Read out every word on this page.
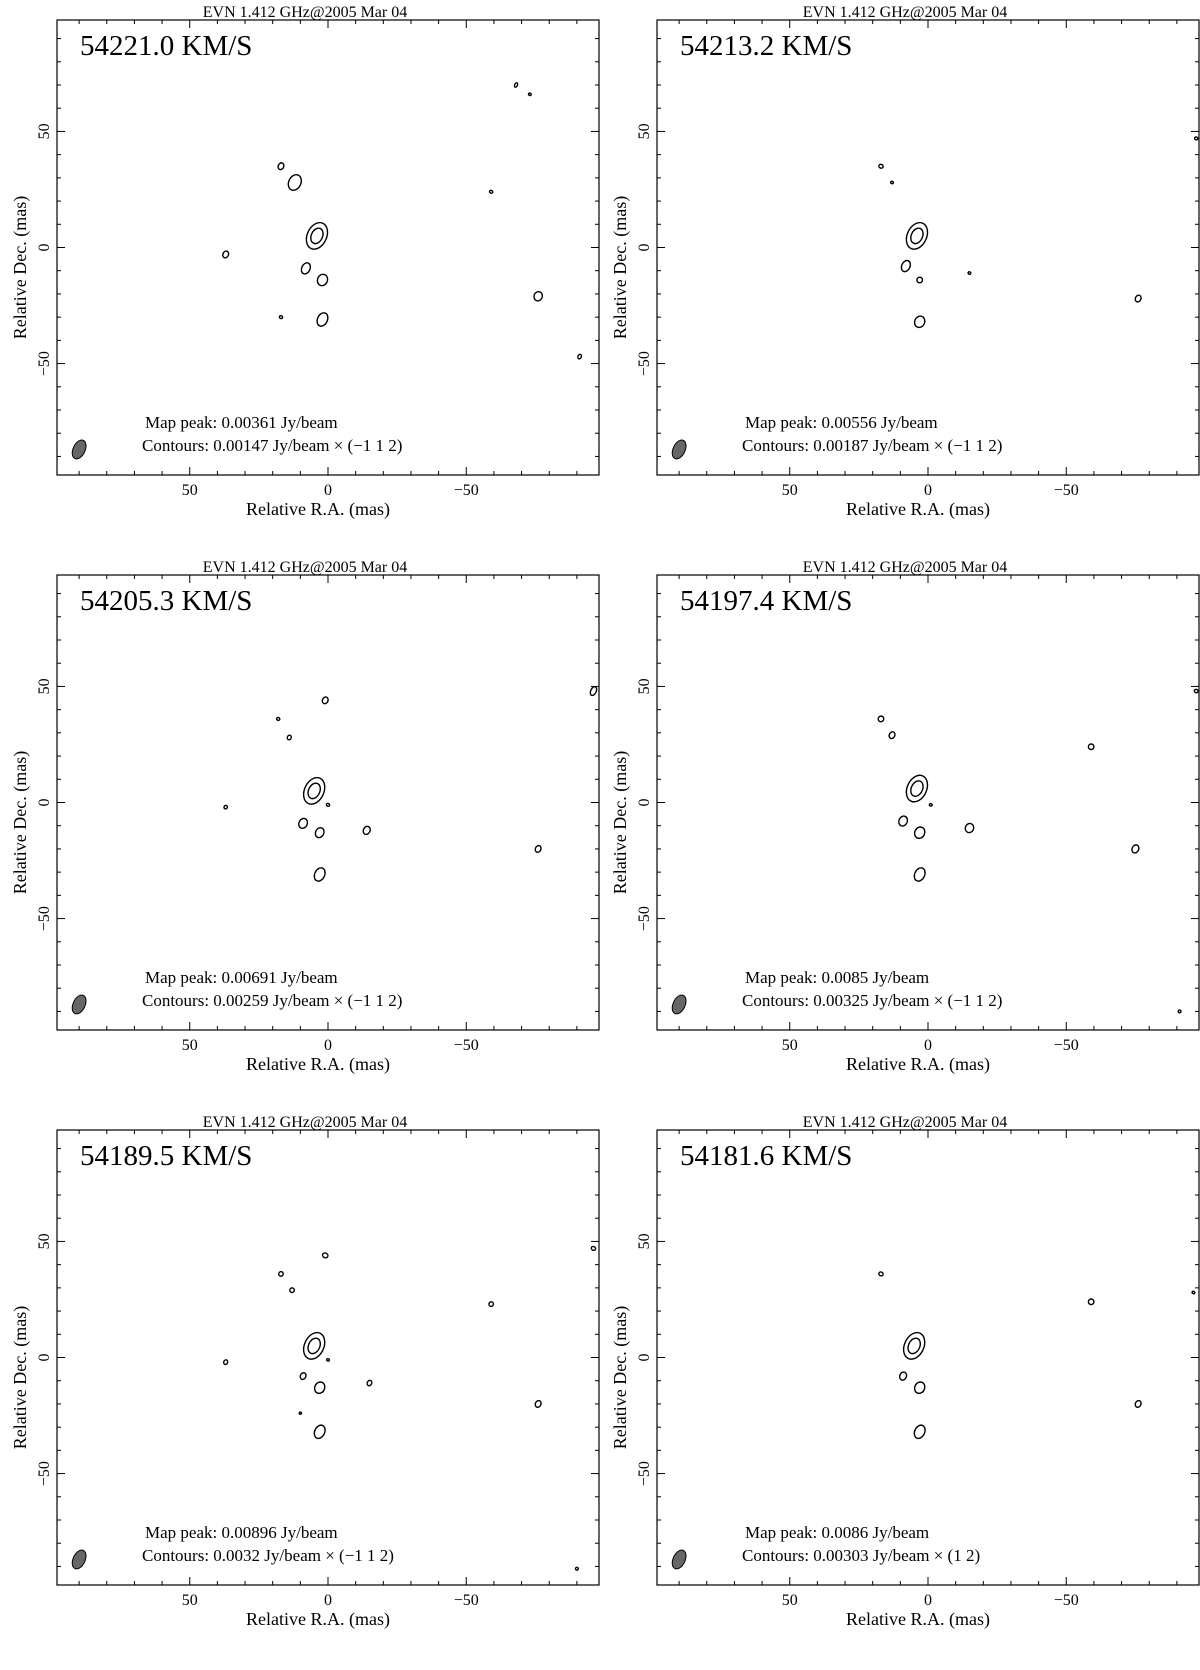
50
50
0
0
−50
−50
Relative R.A. (mas)
Relative Dec. (mas)
EVN 1.412 GHz@2005 Mar 04
54221.0 KM/S
Map peak: 0.00361 Jy/beam
Contours: 0.00147 Jy/beam × (−1 1 2)
50
50
0
0
−50
−50
Relative R.A. (mas)
Relative Dec. (mas)
EVN 1.412 GHz@2005 Mar 04
54213.2 KM/S
Map peak: 0.00556 Jy/beam
Contours: 0.00187 Jy/beam × (−1 1 2)
50
50
0
0
−50
−50
Relative R.A. (mas)
Relative Dec. (mas)
EVN 1.412 GHz@2005 Mar 04
54205.3 KM/S
Map peak: 0.00691 Jy/beam
Contours: 0.00259 Jy/beam × (−1 1 2)
50
50
0
0
−50
−50
Relative R.A. (mas)
Relative Dec. (mas)
EVN 1.412 GHz@2005 Mar 04
54197.4 KM/S
Map peak: 0.0085 Jy/beam
Contours: 0.00325 Jy/beam × (−1 1 2)
50
50
0
0
−50
−50
Relative R.A. (mas)
Relative Dec. (mas)
EVN 1.412 GHz@2005 Mar 04
54189.5 KM/S
Map peak: 0.00896 Jy/beam
Contours: 0.0032 Jy/beam × (−1 1 2)
50
50
0
0
−50
−50
Relative R.A. (mas)
Relative Dec. (mas)
EVN 1.412 GHz@2005 Mar 04
54181.6 KM/S
Map peak: 0.0086 Jy/beam
Contours: 0.00303 Jy/beam × (1 2)
